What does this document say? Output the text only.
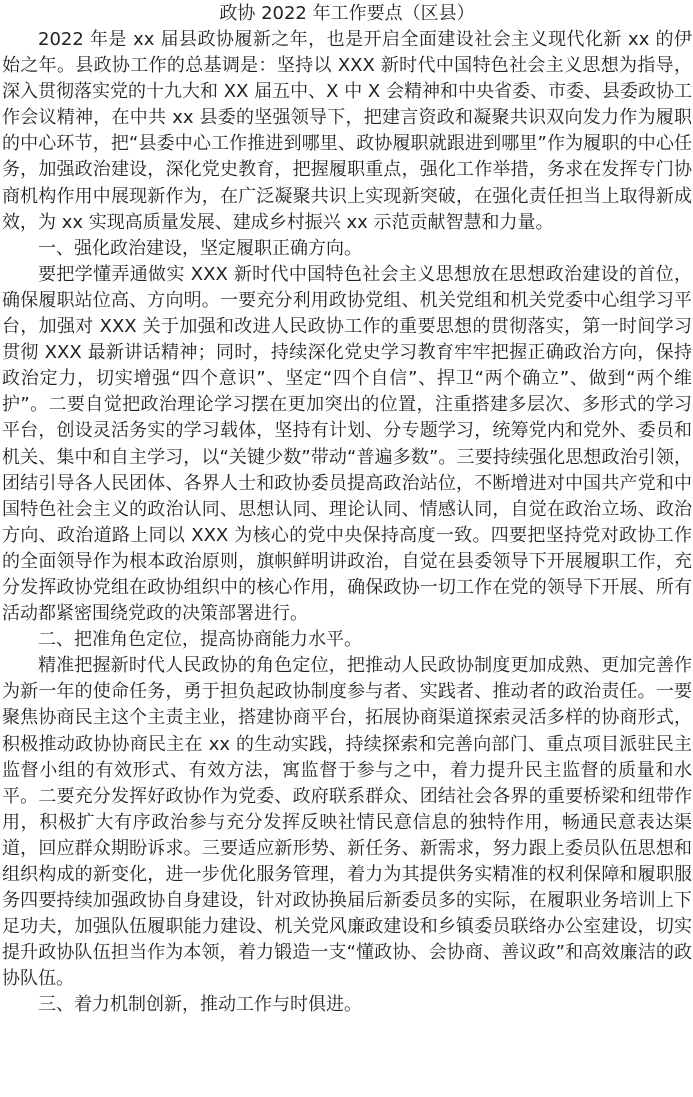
政协 2022 年工作要点（区县）

2022 年是 xx 届县政协履新之年，也是开启全面建设社会主义现代化新 xx 的伊始之年。县政协工作的总基调是：坚持以 XXX 新时代中国特色社会主义思想为指导，深入贯彻落实党的十九大和 XX 届五中、X 中 X 会精神和中央省委、市委、县委政协工作会议精神，在中共 xx 县委的坚强领导下，把建言资政和凝聚共识双向发力作为履职的中心环节，把“县委中心工作推进到哪里、政协履职就跟进到哪里”作为履职的中心任务，加强政治建设，深化党史教育，把握履职重点，强化工作举措，务求在发挥专门协商机构作用中展现新作为，在广泛凝聚共识上实现新突破，在强化责任担当上取得新成效，为 xx 实现高质量发展、建成乡村振兴 xx 示范贡献智慧和力量。

一、强化政治建设，坚定履职正确方向。

要把学懂弄通做实 XXX 新时代中国特色社会主义思想放在思想政治建设的首位，确保履职站位高、方向明。一要充分利用政协党组、机关党组和机关党委中心组学习平台，加强对 XXX 关于加强和改进人民政协工作的重要思想的贯彻落实，第一时间学习贯彻 XXX 最新讲话精神；同时，持续深化党史学习教育牢牢把握正确政治方向，保持政治定力，切实增强“四个意识”、坚定“四个自信”、捍卫“两个确立”、做到“两个维护”。二要自觉把政治理论学习摆在更加突出的位置，注重搭建多层次、多形式的学习平台，创设灵活务实的学习载体，坚持有计划、分专题学习，统筹党内和党外、委员和机关、集中和自主学习，以“关键少数”带动“普遍多数”。三要持续强化思想政治引领，团结引导各人民团体、各界人士和政协委员提高政治站位，不断增进对中国共产党和中国特色社会主义的政治认同、思想认同、理论认同、情感认同，自觉在政治立场、政治方向、政治道路上同以 XXX 为核心的党中央保持高度一致。四要把坚持党对政协工作的全面领导作为根本政治原则，旗帜鲜明讲政治，自觉在县委领导下开展履职工作，充分发挥政协党组在政协组织中的核心作用，确保政协一切工作在党的领导下开展、所有活动都紧密围绕党政的决策部署进行。

二、把准角色定位，提高协商能力水平。

精准把握新时代人民政协的角色定位，把推动人民政协制度更加成熟、更加完善作为新一年的使命任务，勇于担负起政协制度参与者、实践者、推动者的政治责任。一要聚焦协商民主这个主责主业，搭建协商平台，拓展协商渠道探索灵活多样的协商形式，积极推动政协协商民主在 xx 的生动实践，持续探索和完善向部门、重点项目派驻民主监督小组的有效形式、有效方法，寓监督于参与之中，着力提升民主监督的质量和水平。二要充分发挥好政协作为党委、政府联系群众、团结社会各界的重要桥梁和纽带作用，积极扩大有序政治参与充分发挥反映社情民意信息的独特作用，畅通民意表达渠道，回应群众期盼诉求。三要适应新形势、新任务、新需求，努力跟上委员队伍思想和组织构成的新变化，进一步优化服务管理，着力为其提供务实精准的权利保障和履职服务四要持续加强政协自身建设，针对政协换届后新委员多的实际，在履职业务培训上下足功夫，加强队伍履职能力建设、机关党风廉政建设和乡镇委员联络办公室建设，切实提升政协队伍担当作为本领，着力锻造一支“懂政协、会协商、善议政”和高效廉洁的政协队伍。

三、着力机制创新，推动工作与时俱进。
